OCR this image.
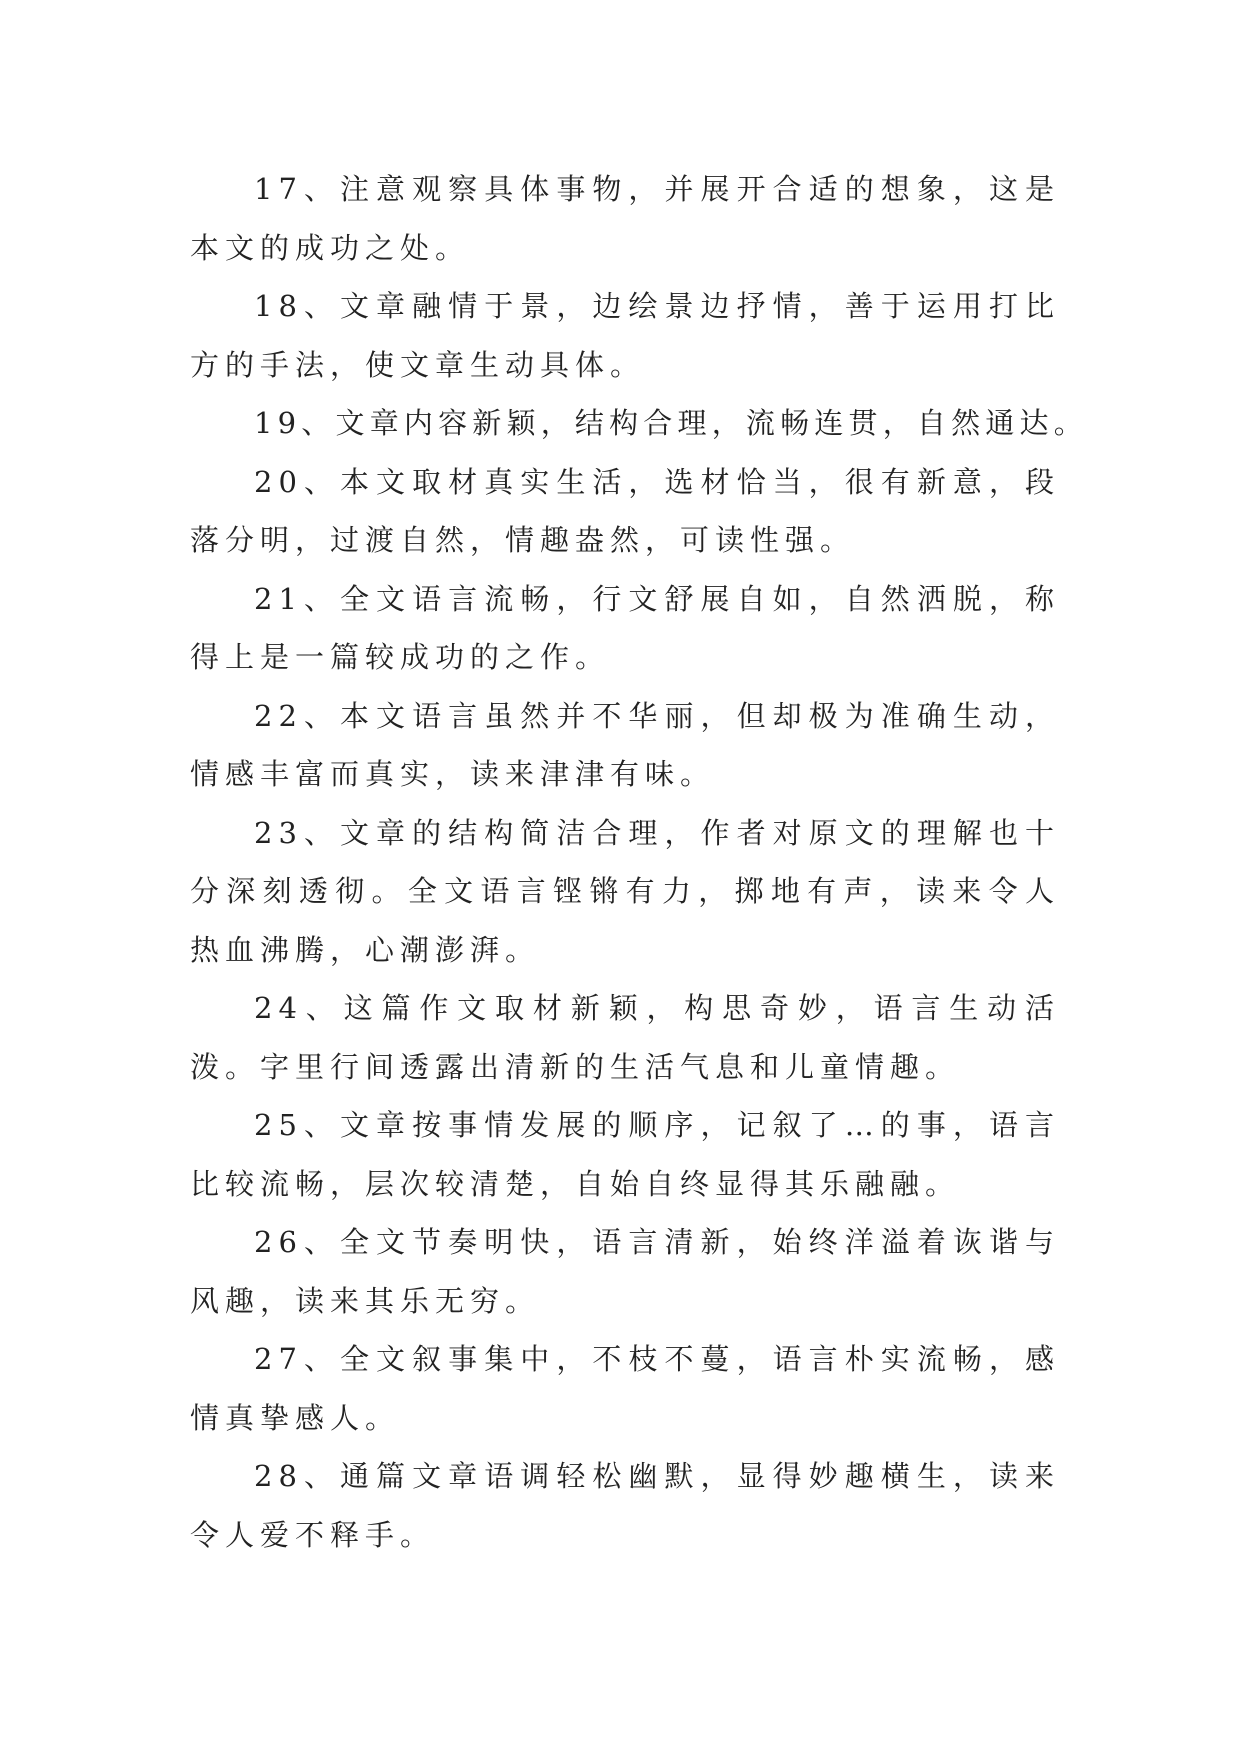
17、注意观察具体事物，并展开合适的想象，这是本文的成功之处。

18、文章融情于景，边绘景边抒情，善于运用打比方的手法，使文章生动具体。

19、文章内容新颖，结构合理，流畅连贯，自然通达。

20、本文取材真实生活，选材恰当，很有新意，段落分明，过渡自然，情趣盎然，可读性强。

21、全文语言流畅，行文舒展自如，自然洒脱，称得上是一篇较成功的之作。

22、本文语言虽然并不华丽，但却极为准确生动，情感丰富而真实，读来津津有味。

23、文章的结构简洁合理，作者对原文的理解也十分深刻透彻。全文语言铿锵有力，掷地有声，读来令人热血沸腾，心潮澎湃。

24、这篇作文取材新颖，构思奇妙，语言生动活泼。字里行间透露出清新的生活气息和儿童情趣。

25、文章按事情发展的顺序，记叙了…的事，语言比较流畅，层次较清楚，自始自终显得其乐融融。

26、全文节奏明快，语言清新，始终洋溢着诙谐与风趣，读来其乐无穷。

27、全文叙事集中，不枝不蔓，语言朴实流畅，感情真挚感人。

28、通篇文章语调轻松幽默，显得妙趣横生，读来令人爱不释手。
